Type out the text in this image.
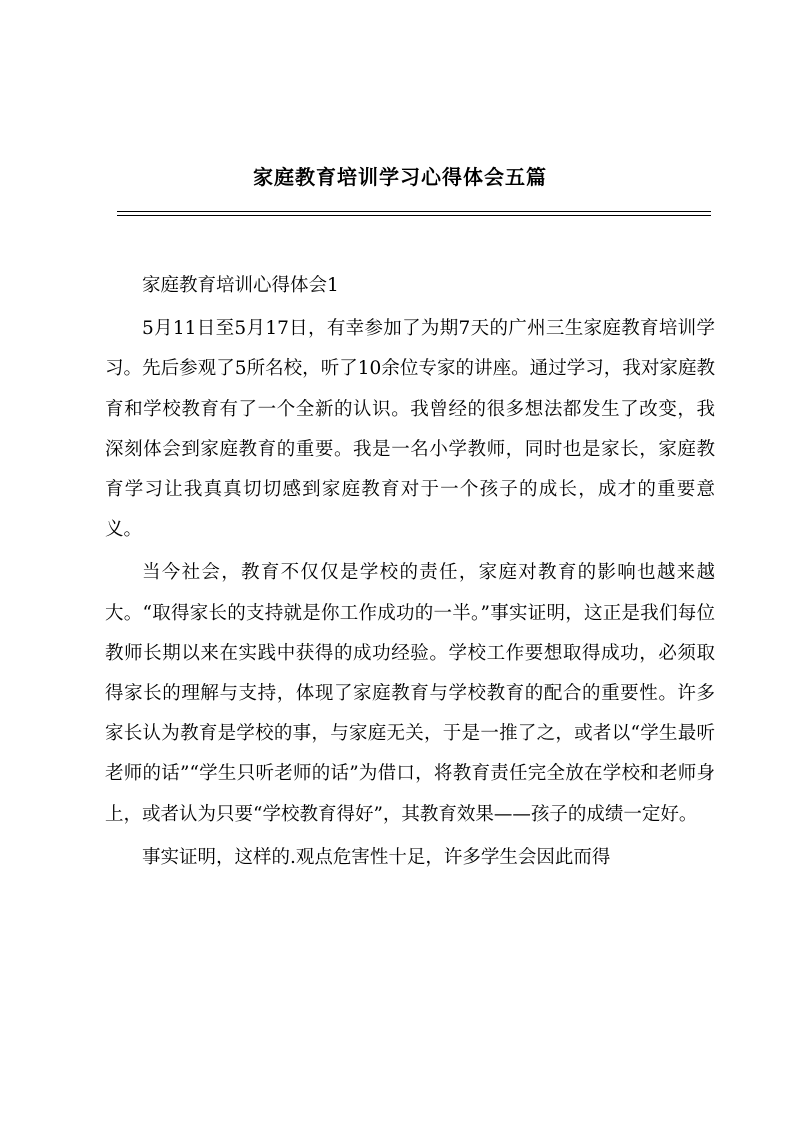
家庭教育培训学习心得体会五篇

家庭教育培训心得体会1

5月11日至5月17日，有幸参加了为期7天的广州三生家庭教育培训学习。先后参观了5所名校，听了10余位专家的讲座。通过学习，我对家庭教育和学校教育有了一个全新的认识。我曾经的很多想法都发生了改变，我深刻体会到家庭教育的重要。我是一名小学教师，同时也是家长，家庭教育学习让我真真切切感到家庭教育对于一个孩子的成长，成才的重要意义。

当今社会，教育不仅仅是学校的责任，家庭对教育的影响也越来越大。“取得家长的支持就是你工作成功的一半。”事实证明，这正是我们每位教师长期以来在实践中获得的成功经验。学校工作要想取得成功，必须取得家长的理解与支持，体现了家庭教育与学校教育的配合的重要性。许多家长认为教育是学校的事，与家庭无关，于是一推了之，或者以“学生最听老师的话”“学生只听老师的话”为借口，将教育责任完全放在学校和老师身上，或者认为只要“学校教育得好”，其教育效果——孩子的成绩一定好。

事实证明，这样的.观点危害性十足，许多学生会因此而得
